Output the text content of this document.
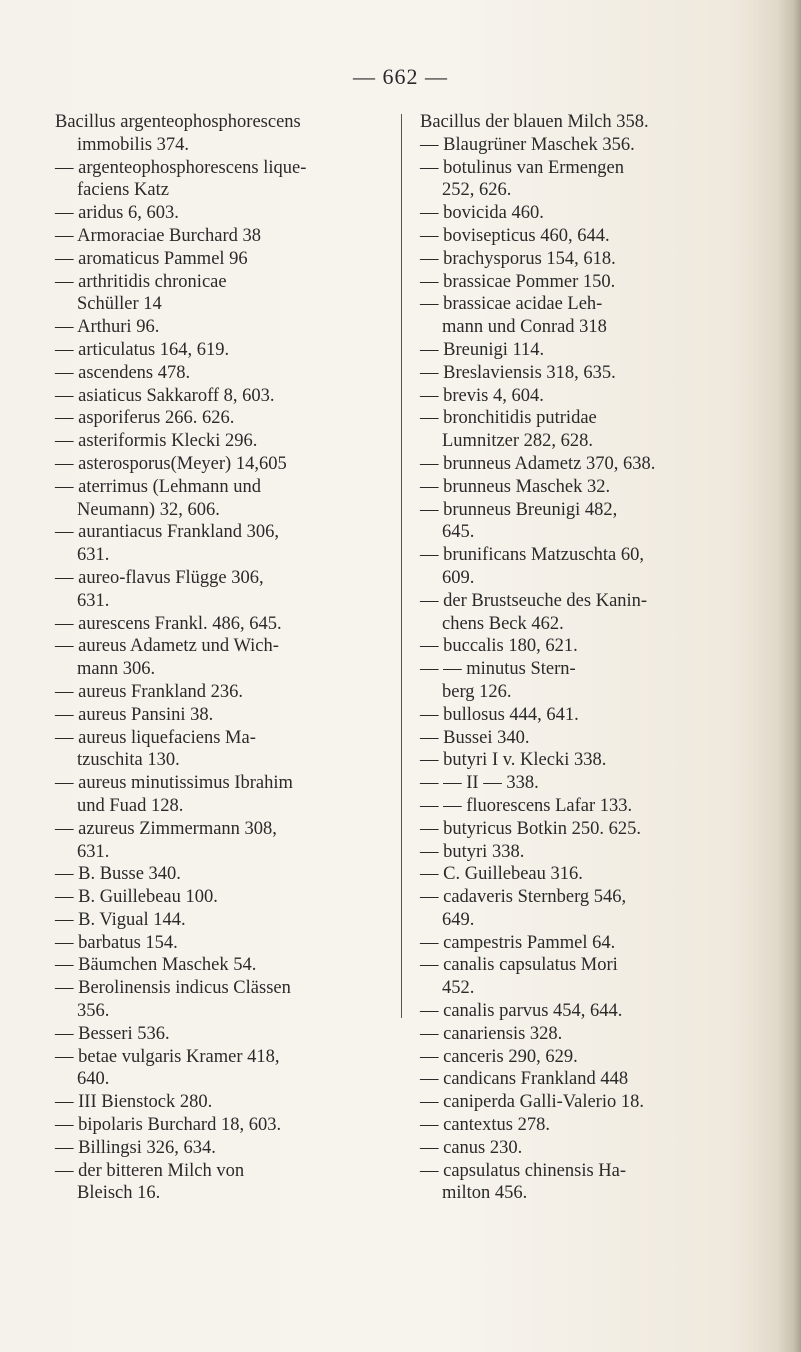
— 662 —
Bacillus argenteophosphorescens
immobilis 374.
— argenteophosphorescens lique-
faciens Katz
— aridus 6, 603.
— Armoraciae Burchard 38
— aromaticus Pammel 96
— arthritidis chronicae
Schüller 14
— Arthuri 96.
— articulatus 164, 619.
— ascendens 478.
— asiaticus Sakkaroff 8, 603.
— asporiferus 266. 626.
— asteriformis Klecki 296.
— asterosporus(Meyer) 14,605
— aterrimus (Lehmann und
Neumann) 32, 606.
— aurantiacus Frankland 306,
631.
— aureo-flavus Flügge 306,
631.
— aurescens Frankl. 486, 645.
— aureus Adametz und Wich-
mann 306.
— aureus Frankland 236.
— aureus Pansini 38.
— aureus liquefaciens Ma-
tzuschita 130.
— aureus minutissimus Ibrahim
und Fuad 128.
— azureus Zimmermann 308,
631.
— B. Busse 340.
— B. Guillebeau 100.
— B. Vigual 144.
— barbatus 154.
— Bäumchen Maschek 54.
— Berolinensis indicus Clässen
356.
— Besseri 536.
— betae vulgaris Kramer 418,
640.
— III Bienstock 280.
— bipolaris Burchard 18, 603.
— Billingsi 326, 634.
— der bitteren Milch von
Bleisch 16.
Bacillus der blauen Milch 358.
— Blaugrüner Maschek 356.
— botulinus van Ermengen
252, 626.
— bovicida 460.
— bovisepticus 460, 644.
— brachysporus 154, 618.
— brassicae Pommer 150.
— brassicae acidae Leh-
mann und Conrad 318
— Breunigi 114.
— Breslaviensis 318, 635.
— brevis 4, 604.
— bronchitidis putridae
Lumnitzer 282, 628.
— brunneus Adametz 370, 638.
— brunneus Maschek 32.
— brunneus Breunigi 482,
645.
— brunificans Matzuschta 60,
609.
— der Brustseuche des Kanin-
chens Beck 462.
— buccalis 180, 621.
— — minutus Stern-
berg 126.
— bullosus 444, 641.
— Bussei 340.
— butyri I v. Klecki 338.
— — II — 338.
— — fluorescens Lafar 133.
— butyricus Botkin 250. 625.
— butyri 338.
— C. Guillebeau 316.
— cadaveris Sternberg 546,
649.
— campestris Pammel 64.
— canalis capsulatus Mori
452.
— canalis parvus 454, 644.
— canariensis 328.
— canceris 290, 629.
— candicans Frankland 448
— caniperda Galli-Valerio 18.
— cantextus 278.
— canus 230.
— capsulatus chinensis Ha-
milton 456.
